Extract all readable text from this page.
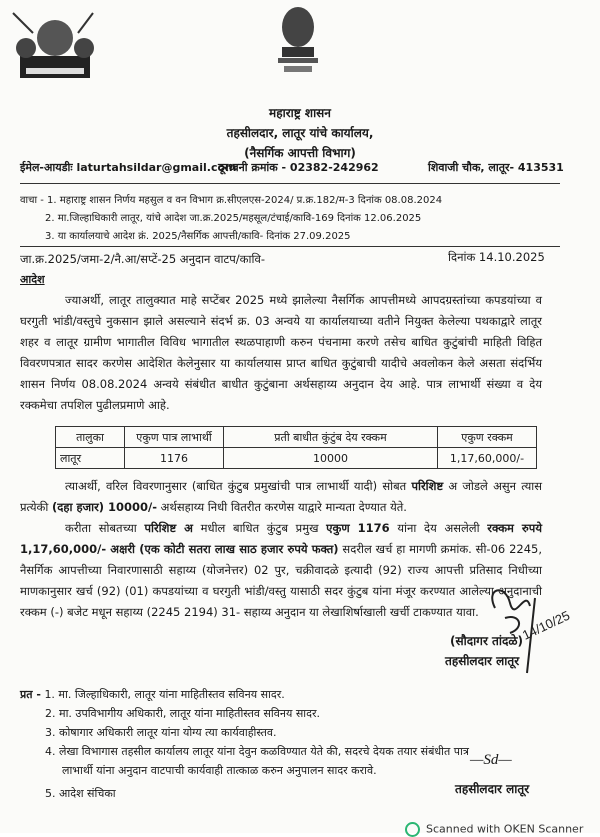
महाराष्ट्र शासन
तहसीलदार, लातूर यांचे कार्यालय,
(नैसर्गिक आपत्ती विभाग)
ईमेल-आयडीः laturtahsildar@gmail.com
दूरध्वनी क्रमांक - 02382-242962	शिवाजी चौक, लातूर- 413531
वाचा - 1. महाराष्ट्र शासन निर्णय महसुल व वन विभाग क्र.सीएलएस-2024/ प्र.क्र.182/म-3 दिनांक 08.08.2024
2. मा.जिल्हाधिकारी लातूर, यांचे आदेश जा.क्र.2025/महसूल/टंचाई/कावि-169 दिनांक 12.06.2025
3. या कार्यालयाचे आदेश क्रं. 2025/नैसर्गिक आपत्ती/कावि- दिनांक 27.09.2025
जा.क्र.2025/जमा-2/नै.आ/सप्टें-25 अनुदान वाटप/कावि-	दिनांक 14.10.2025
आदेश
ज्याअर्थी, लातूर तालुक्यात माहे सप्टेंबर 2025 मध्ये झालेल्या नैसर्गिक आपत्तीमध्ये आपदग्रस्तांच्या कपडयांच्या व घरगुती भांडी/वस्तुचे नुकसान झाले असल्याने संदर्भ क्र. 03 अन्वये या कार्यालयाच्या वतीने नियुक्त केलेल्या पथकाद्वारे लातूर शहर व लातूर ग्रामीण भागातील विविध भागातील स्थळपाहाणी करुन पंचनामा करणे तसेच बाधित कुटुंबांची माहिती विहित विवरणपत्रात सादर करणेस आदेशित केलेनुसार या कार्यालयास प्राप्त बाधित कुटुंबाची यादीचे अवलोकन केले असता संदर्भिय शासन निर्णय 08.08.2024 अन्वये संबंधीत बाधीत कुटुंबाना अर्थसहाय्य अनुदान देय आहे. पात्र लाभार्थी संख्या व देय रक्कमेचा तपशिल पुढीलप्रमाणे आहे.
तालुका	एकुण पात्र लाभार्थी	प्रती बाधीत कुंटुंब देय रक्कम	एकुण रक्कम
लातूर	1176	10000	1,17,60,000/-
त्याअर्थी, वरिल विवरणानुसार (बाधित कुंटुब प्रमुखांची पात्र लाभार्थी यादी) सोबत परिशिष्ट अ जोडले असुन त्यास प्रत्येकी (दहा हजार) 10000/- अर्थसहाय्य निधी वितरीत करणेस याद्वारे मान्यता देण्यात येते.
करीता सोबतच्या परिशिष्ट अ मधील बाधित कुंटुब प्रमुख एकुण 1176 यांना देय असलेली रक्कम रुपये 1,17,60,000/- अक्षरी (एक कोटी सतरा लाख साठ हजार रुपये फक्त) सदरील खर्च हा मागणी क्रमांक. सी-06 2245, नैसर्गिक आपत्तीच्या निवारणासाठी सहाय्य (योजनेत्तर) 02 पुर, चक्रीवादळे इत्यादी (92) राज्य आपत्ती प्रतिसाद निधीच्या माणकानुसार खर्च (92) (01) कपडयांच्या व घरगुती भांडी/वस्तु यासाठी सदर कुंटुब यांना मंजूर करण्यात आलेल्या अनुदानाची रक्कम (-) बजेट मधून सहाय्य (2245 2194) 31- सहाय्य अनुदान या लेखाशिर्षाखाली खर्ची टाकण्यात यावा.	14/10/25
(सौदागर तांदळे)
तहसीलदार लातूर
प्रत - 1. मा. जिल्हाधिकारी, लातूर यांना माहितीस्तव सविनय सादर.
2. मा. उपविभागीय अधिकारी, लातूर यांना माहितीस्तव सविनय सादर.
3. कोषागार अधिकारी लातूर यांना योग्य त्या कार्यवाहीस्तव.
4. लेखा विभागास तहसील कार्यालय लातूर यांना देवुन कळविण्यात येते की, सदरचे देयक तयार संबंधीत पात्र
लाभार्थी यांना अनुदान वाटपाची कार्यवाही तात्काळ करुन अनुपालन सादर करावे.
5. आदेश संचिका
—Sd—
तहसीलदार लातूर
Scanned with OKEN Scanner
